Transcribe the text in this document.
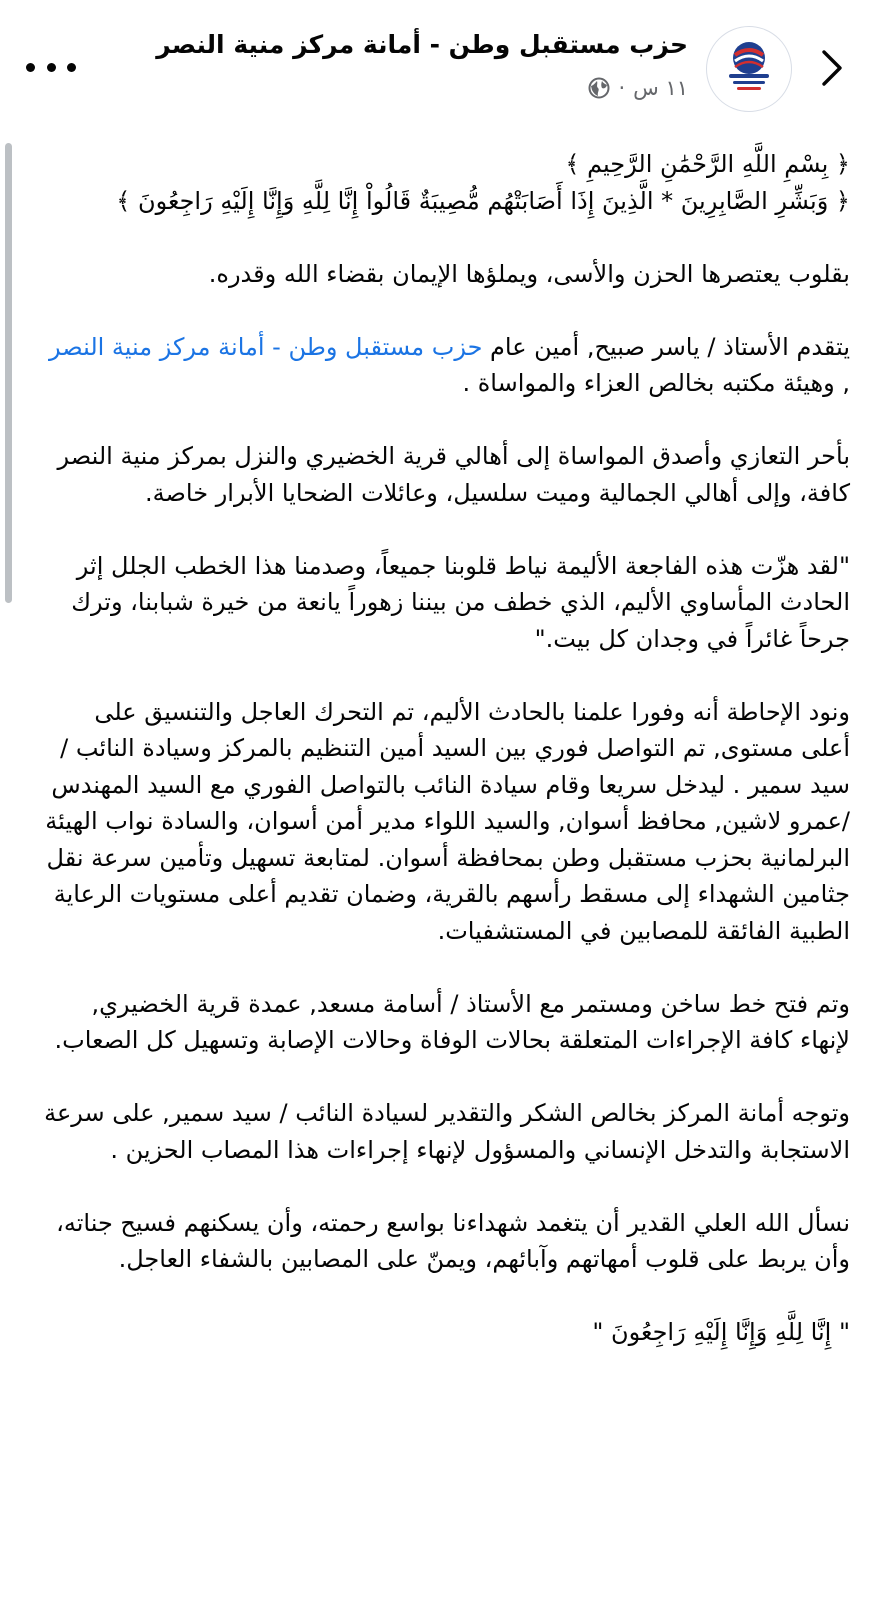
حزب مستقبل وطن - أمانة مركز منية النصر
١١ س
·

﴿ بِسْمِ اللَّهِ الرَّحْمَٰنِ الرَّحِيمِ ﴾

﴿ وَبَشِّرِ الصَّابِرِينَ * الَّذِينَ إِذَا أَصَابَتْهُم مُّصِيبَةٌ قَالُواْ إِنَّا لِلَّهِ وَإِنَّا إِلَيْهِ رَاجِعُونَ ﴾

بقلوب يعتصرها الحزن والأسى، ويملؤها الإيمان بقضاء الله وقدره.

يتقدم الأستاذ / ياسر صبيح, أمين عام حزب مستقبل وطن - أمانة مركز منية النصر , وهيئة مكتبه بخالص العزاء والمواساة .

بأحر التعازي وأصدق المواساة إلى أهالي قرية الخضيري والنزل بمركز منية النصر كافة، وإلى أهالي الجمالية وميت سلسيل، وعائلات الضحايا الأبرار خاصة.

"لقد هزّت هذه الفاجعة الأليمة نياط قلوبنا جميعاً، وصدمنا هذا الخطب الجلل إثر الحادث المأساوي الأليم، الذي خطف من بيننا زهوراً يانعة من خيرة شبابنا، وترك جرحاً غائراً في وجدان كل بيت."

ونود الإحاطة أنه وفورا علمنا بالحادث الأليم، تم التحرك العاجل والتنسيق على أعلى مستوى, تم التواصل فوري بين السيد أمين التنظيم بالمركز وسيادة النائب / سيد سمير . ليدخل سريعا وقام سيادة النائب بالتواصل الفوري مع السيد المهندس /عمرو لاشين, محافظ أسوان, والسيد اللواء مدير أمن أسوان، والسادة نواب الهيئة البرلمانية بحزب مستقبل وطن بمحافظة أسوان. لمتابعة تسهيل وتأمين سرعة نقل جثامين الشهداء إلى مسقط رأسهم بالقرية، وضمان تقديم أعلى مستويات الرعاية الطبية الفائقة للمصابين في المستشفيات.

وتم فتح خط ساخن ومستمر مع الأستاذ / أسامة مسعد, عمدة قرية الخضيري, لإنهاء كافة الإجراءات المتعلقة بحالات الوفاة وحالات الإصابة وتسهيل كل الصعاب.

وتوجه أمانة المركز بخالص الشكر والتقدير لسيادة النائب / سيد سمير, على سرعة الاستجابة والتدخل الإنساني والمسؤول لإنهاء إجراءات هذا المصاب الحزين .

نسأل الله العلي القدير أن يتغمد شهداءنا بواسع رحمته، وأن يسكنهم فسيح جناته، وأن يربط على قلوب أمهاتهم وآبائهم، ويمنّ على المصابين بالشفاء العاجل.

" إِنَّا لِلَّهِ وَإِنَّا إِلَيْهِ رَاجِعُونَ "
